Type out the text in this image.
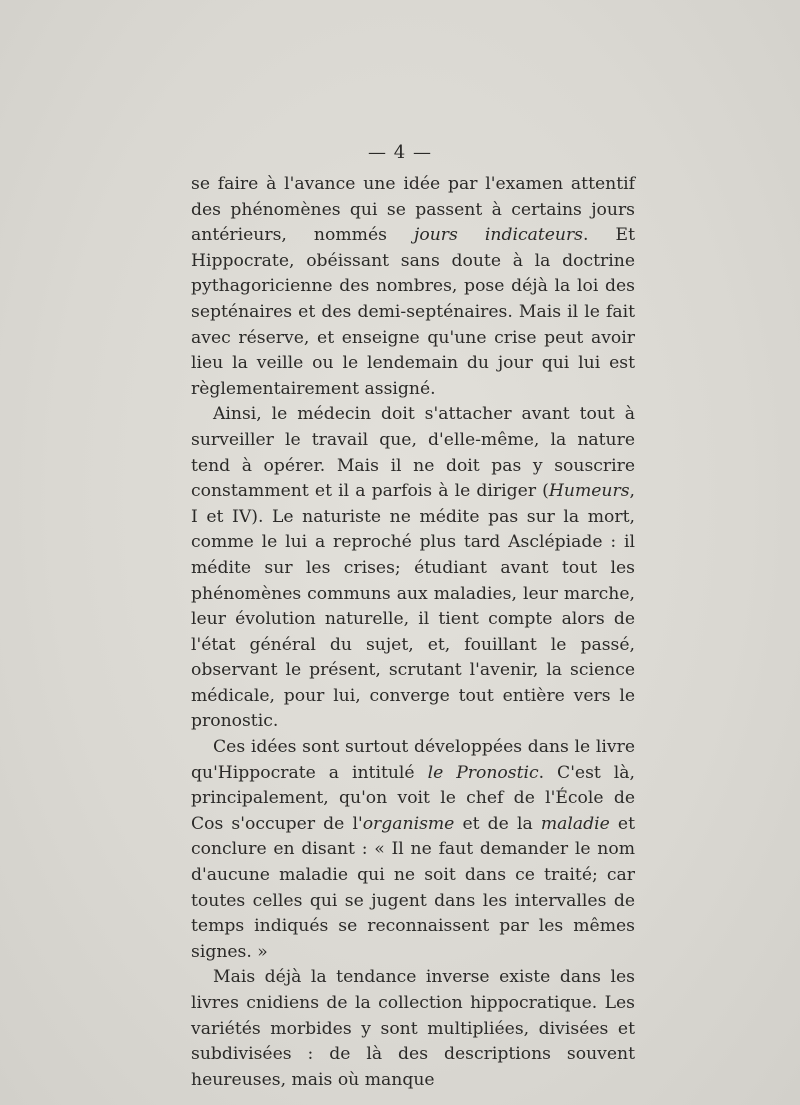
— 4 —

se faire à l'avance une idée par l'examen attentif des phénomènes qui se passent à certains jours antérieurs, nommés jours indicateurs. Et Hippocrate, obéissant sans doute à la doctrine pythagoricienne des nombres, pose déjà la loi des septénaires et des demi-septénaires. Mais il le fait avec réserve, et enseigne qu'une crise peut avoir lieu la veille ou le lendemain du jour qui lui est règlementairement assigné.

Ainsi, le médecin doit s'attacher avant tout à surveiller le travail que, d'elle-même, la nature tend à opérer. Mais il ne doit pas y souscrire constamment et il a parfois à le diriger (Humeurs, I et IV). Le naturiste ne médite pas sur la mort, comme le lui a reproché plus tard Asclépiade : il médite sur les crises; étudiant avant tout les phénomènes communs aux maladies, leur marche, leur évolution naturelle, il tient compte alors de l'état général du sujet, et, fouillant le passé, observant le présent, scrutant l'avenir, la science médicale, pour lui, converge tout entière vers le pronostic.

Ces idées sont surtout développées dans le livre qu'Hippocrate a intitulé le Pronostic. C'est là, principalement, qu'on voit le chef de l'École de Cos s'occuper de l'organisme et de la maladie et conclure en disant : « Il ne faut demander le nom d'aucune maladie qui ne soit dans ce traité; car toutes celles qui se jugent dans les intervalles de temps indiqués se reconnaissent par les mêmes signes. »

Mais déjà la tendance inverse existe dans les livres cnidiens de la collection hippocratique. Les variétés morbides y sont multipliées, divisées et subdivisées : de là des descriptions souvent heureuses, mais où manque
